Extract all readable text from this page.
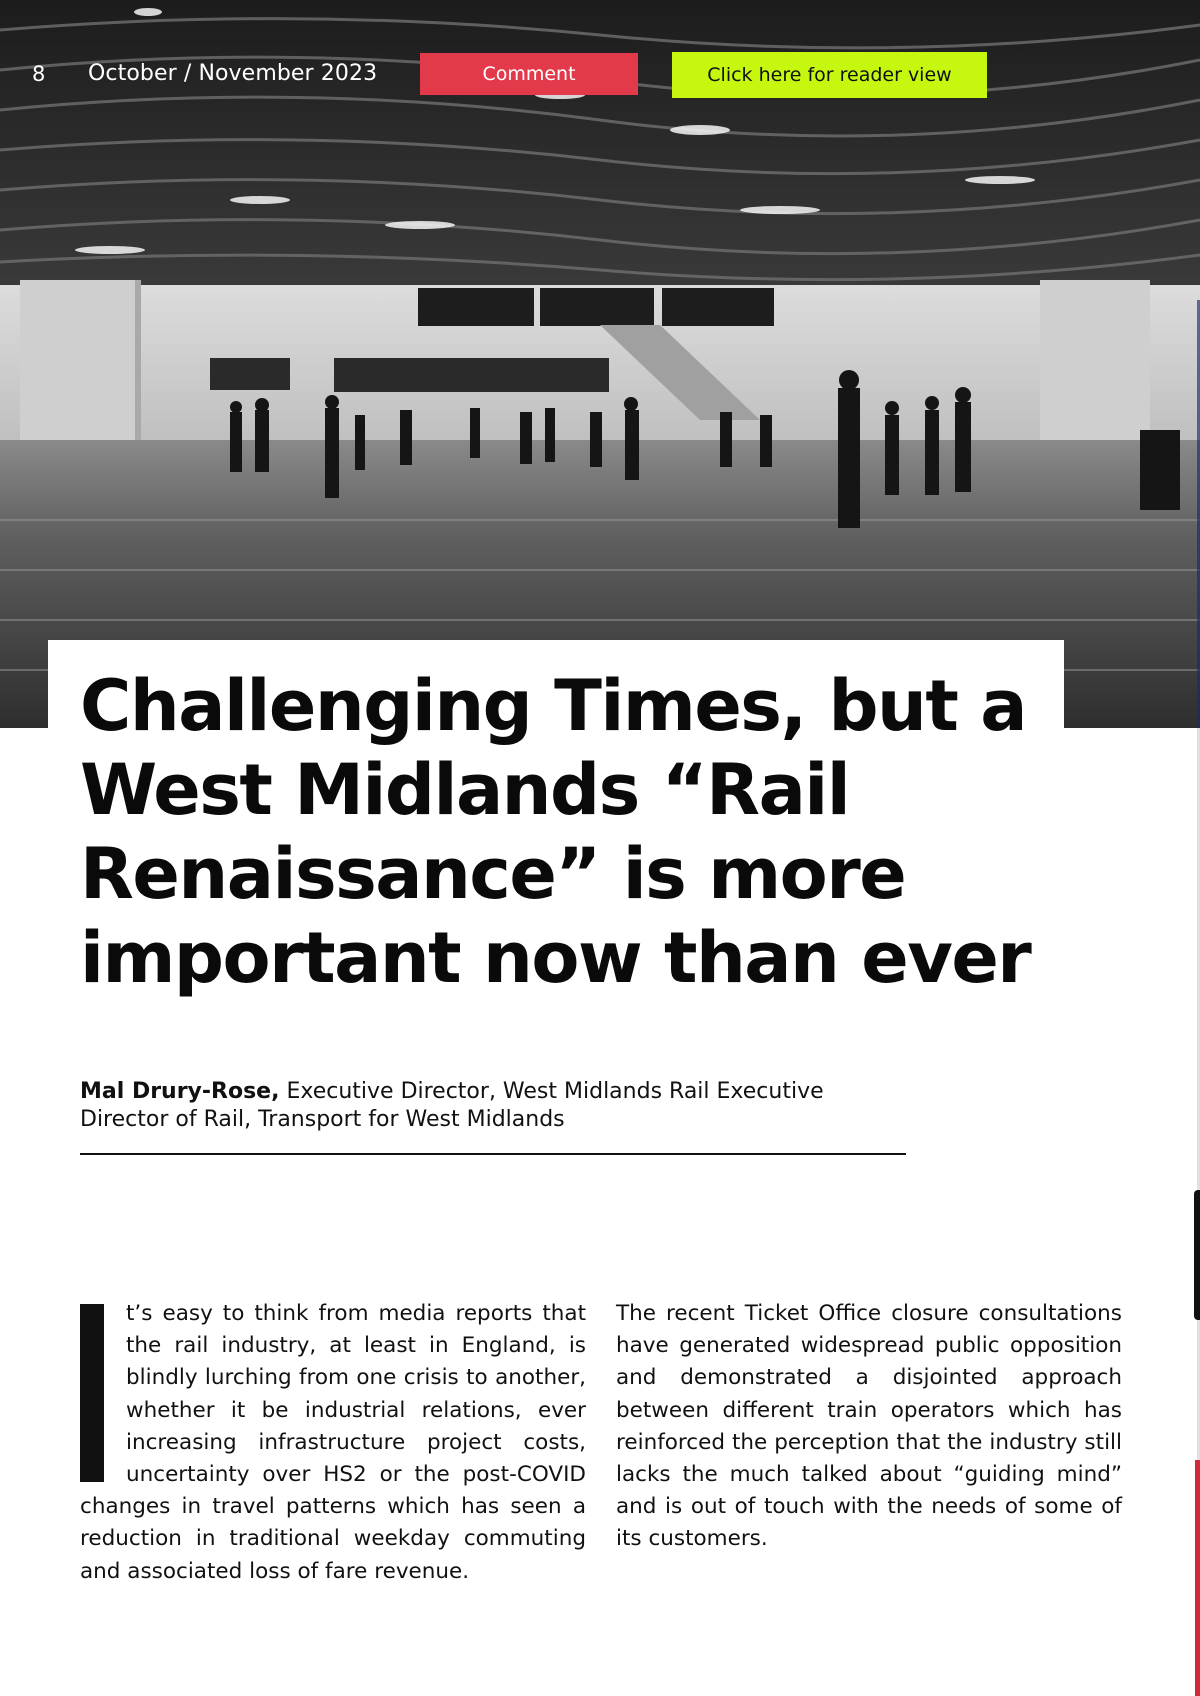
8 October / November 2023	Comment	Click here for reader view
Challenging Times, but a West Midlands “Rail Renaissance” is more important now than ever
Mal Drury-Rose, Executive Director, West Midlands Rail Executive
Director of Rail, Transport for West Midlands
t’s easy to think from media reports that the rail industry, at least in England, is blindly lurching from one crisis to another, whether it be industrial relations, ever increasing infrastructure project costs, uncertainty over HS2 or the post-COVID changes in travel patterns which has seen a reduction in traditional weekday commuting and associated loss of fare revenue.
The recent Ticket Office closure consultations have generated widespread public opposition and demonstrated a disjointed approach between different train operators which has reinforced the perception that the industry still lacks the much talked about “guiding mind” and is out of touch with the needs of some of its customers.
